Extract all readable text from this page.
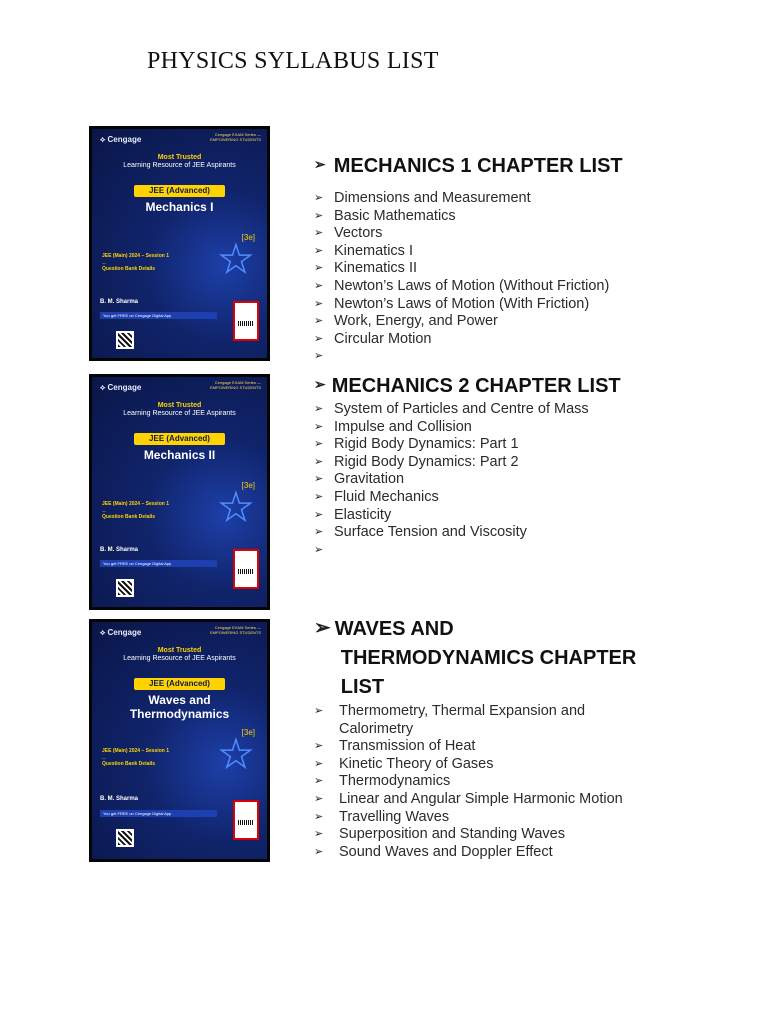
PHYSICS SYLLABUS LIST
⟡ Cengage
Cengage EXAM Series — EMPOWERING STUDENTS
Most Trusted
Learning Resource of JEE Aspirants
JEE (Advanced)
Mechanics I
[3e]
★
JEE (Main) 2024 – Session 1
—
Question Bank Details
B. M. Sharma
You get FREE on Cengage Digital App
⟡ Cengage
Cengage EXAM Series — EMPOWERING STUDENTS
Most Trusted
Learning Resource of JEE Aspirants
JEE (Advanced)
Mechanics II
[3e]
★
JEE (Main) 2024 – Session 1
—
Question Bank Details
B. M. Sharma
You get FREE on Cengage Digital App
⟡ Cengage
Cengage EXAM Series — EMPOWERING STUDENTS
Most Trusted
Learning Resource of JEE Aspirants
JEE (Advanced)
Waves and
Thermodynamics
[3e]
★
JEE (Main) 2024 – Session 1
—
Question Bank Details
B. M. Sharma
You get FREE on Cengage Digital App
➢ MECHANICS 1 CHAPTER LIST
➢ Dimensions and Measurement
➢ Basic Mathematics
➢ Vectors
➢ Kinematics I
➢ Kinematics II
➢ Newton’s Laws of Motion (Without Friction)
➢ Newton’s Laws of Motion (With Friction)
➢ Work, Energy, and Power
➢ Circular Motion
➢
➢ MECHANICS 2 CHAPTER LIST
➢ System of Particles and Centre of Mass
➢ Impulse and Collision
➢ Rigid Body Dynamics: Part 1
➢ Rigid Body Dynamics: Part 2
➢ Gravitation
➢ Fluid Mechanics
➢ Elasticity
➢ Surface Tension and Viscosity
➢
➢ WAVES AND
THERMODYNAMICS CHAPTER
LIST
➢	Thermometry, Thermal Expansion and Calorimetry
➢	Transmission of Heat
➢	Kinetic Theory of Gases
➢	Thermodynamics
➢	Linear and Angular Simple Harmonic Motion
➢	Travelling Waves
➢	Superposition and Standing Waves
➢	Sound Waves and Doppler Effect
